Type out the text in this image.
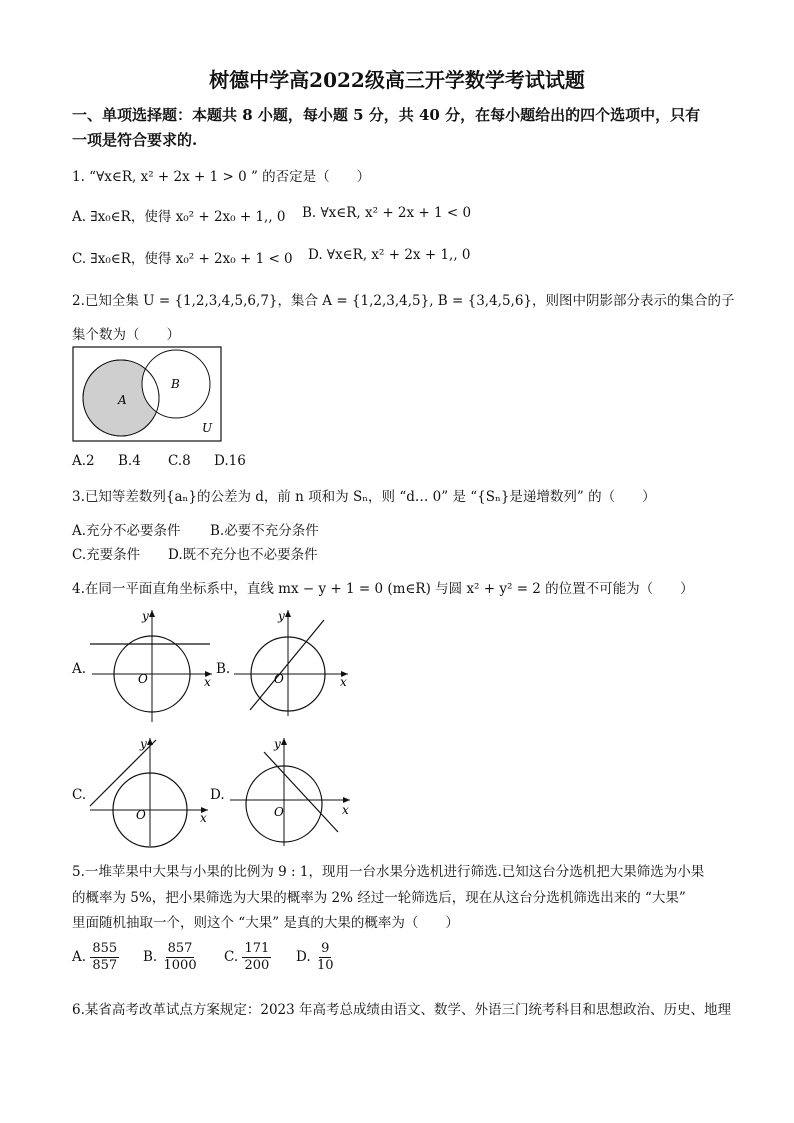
树德中学高2022级高三开学数学考试试题
一、单项选择题：本题共 8 小题，每小题 5 分，共 40 分，在每小题给出的四个选项中，只有
一项是符合要求的.
1. “∀x∈R, x² + 2x + 1 > 0 ” 的否定是（　　）
A. ∃x₀∈R，使得 x₀² + 2x₀ + 1,, 0 B. ∀x∈R, x² + 2x + 1 < 0
C. ∃x₀∈R，使得 x₀² + 2x₀ + 1 < 0 D. ∀x∈R, x² + 2x + 1,, 0
2.已知全集 U = {1,2,3,4,5,6,7}，集合 A = {1,2,3,4,5}, B = {3,4,5,6}，则图中阴影部分表示的集合的子
集个数为（　　）
A
B
U
A.2 B.4 C.8 D.16
3.已知等差数列{aₙ}的公差为 d，前 n 项和为 Sₙ，则 “d… 0” 是 “{Sₙ}是递增数列” 的（　　）
A.充分不必要条件 B.必要不充分条件
C.充要条件 D.既不充分也不必要条件
4.在同一平面直角坐标系中，直线 mx − y + 1 = 0 (m∈R) 与圆 x² + y² = 2 的位置不可能为（　　）
A.	B.
C.	D.
O	x
y
O	x
y
O	x
y
O	x
y
5.一堆苹果中大果与小果的比例为 9 : 1，现用一台水果分选机进行筛选.已知这台分选机把大果筛选为小果
的概率为 5%，把小果筛选为大果的概率为 2% 经过一轮筛选后，现在从这台分选机筛选出来的 “大果”
里面随机抽取一个，则这个 “大果” 是真的大果的概率为（　　）
A. $\frac{855}{857} B$. $\frac{857}{1000} C$. $\frac{171}{200} D$. $\frac{9}{10}$
6.某省高考改革试点方案规定：2023 年高考总成绩由语文、数学、外语三门统考科目和思想政治、历史、地理
